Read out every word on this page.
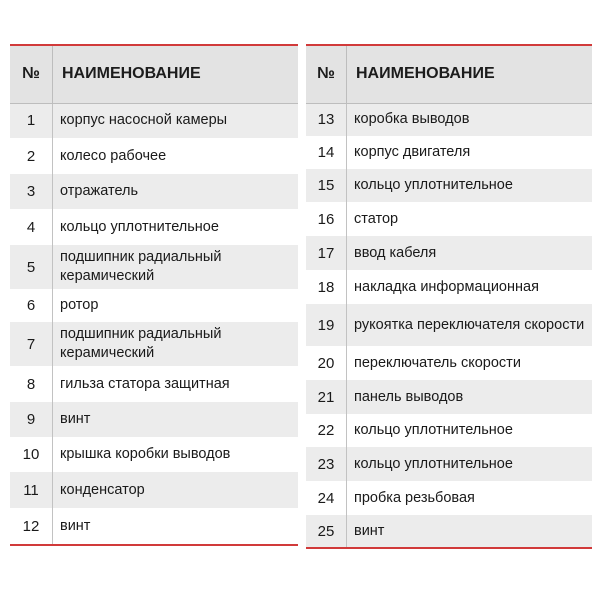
№	НАИМЕНОВАНИЕ
1	корпус насосной камеры
2	колесо рабочее
3	отражатель
4	кольцо уплотнительное
5	подшипник радиальный керамический
6	ротор
7	подшипник радиальный керамический
8	гильза статора защитная
9	винт
10	крышка коробки выводов
11	конденсатор
12	винт
№	НАИМЕНОВАНИЕ
13	коробка выводов
14	корпус двигателя
15	кольцо уплотнительное
16	статор
17	ввод кабеля
18	накладка информационная
19	рукоятка переключателя скорости
20	переключатель скорости
21	панель выводов
22	кольцо уплотнительное
23	кольцо уплотнительное
24	пробка резьбовая
25	винт
